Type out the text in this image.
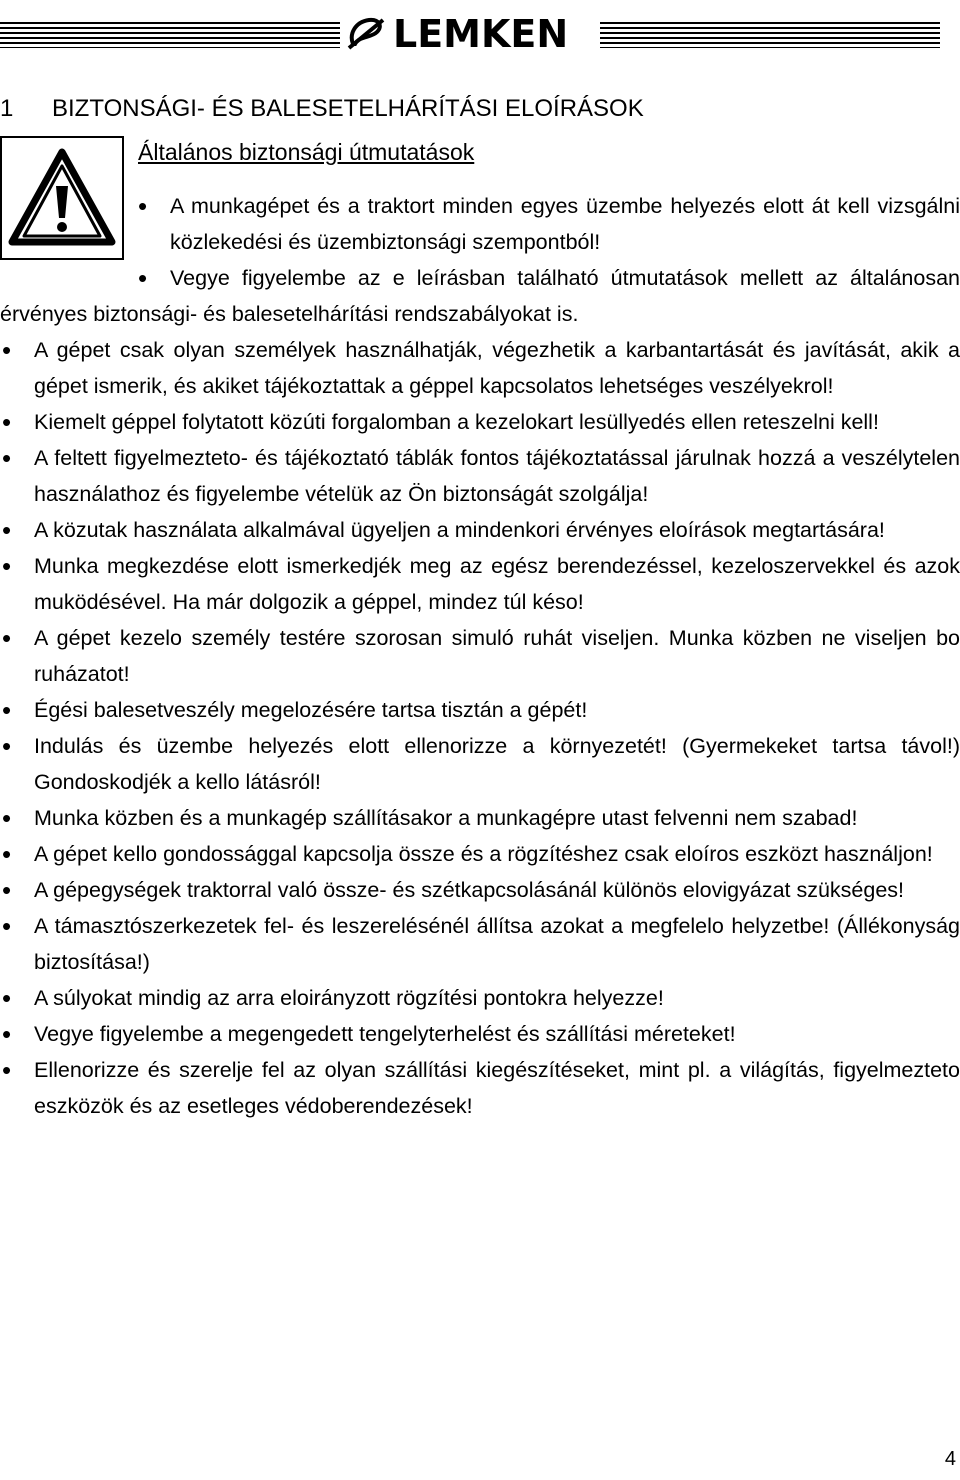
LEMKEN
1 BIZTONSÁGI- ÉS BALESETELHÁRÍTÁSI ELOÍRÁSOK
Általános biztonsági útmutatások

• A munkagépet és a traktort minden egyes üzembe helyezés elott át kell vizsgálni közlekedési és üzembiztonsági szempontból!

• Vegye figyelembe az e leírásban található útmutatások mellett az általánosan érvényes biztonsági- és balesetelhárítási rendszabályokat is.

• A gépet csak olyan személyek használhatják, végezhetik a karbantartását és javítását, akik a gépet ismerik, és akiket tájékoztattak a géppel kapcsolatos lehetséges veszélyekrol!

• Kiemelt géppel folytatott közúti forgalomban a kezelokart lesüllyedés ellen reteszelni kell!

• A feltett figyelmezteto- és tájékoztató táblák fontos tájékoztatással járulnak hozzá a veszélytelen használathoz és figyelembe vételük az Ön biztonságát szolgálja!

• A közutak használata alkalmával ügyeljen a mindenkori érvényes eloírások megtartására!

• Munka megkezdése elott ismerkedjék meg az egész berendezéssel, kezeloszervekkel és azok muködésével. Ha már dolgozik a géppel, mindez túl késo!

• A gépet kezelo személy testére szorosan simuló ruhát viseljen. Munka közben ne viseljen bo ruházatot!

• Égési balesetveszély megelozésére tartsa tisztán a gépét!

• Indulás és üzembe helyezés elott ellenorizze a környezetét! (Gyermekeket tartsa távol!) Gondoskodjék a kello látásról!

• Munka közben és a munkagép szállításakor a munkagépre utast felvenni nem szabad!

• A gépet kello gondossággal kapcsolja össze és a rögzítéshez csak eloíros eszközt használjon!

• A gépegységek traktorral való össze- és szétkapcsolásánál különös elovigyázat szükséges!

• A támasztószerkezetek fel- és leszerelésénél állítsa azokat a megfelelo helyzetbe! (Állékonyság biztosítása!)

• A súlyokat mindig az arra eloirányzott rögzítési pontokra helyezze!

• Vegye figyelembe a megengedett tengelyterhelést és szállítási méreteket!

• Ellenorizze és szerelje fel az olyan szállítási kiegészítéseket, mint pl. a világítás, figyelmezteto eszközök és az esetleges védoberendezések!

4
